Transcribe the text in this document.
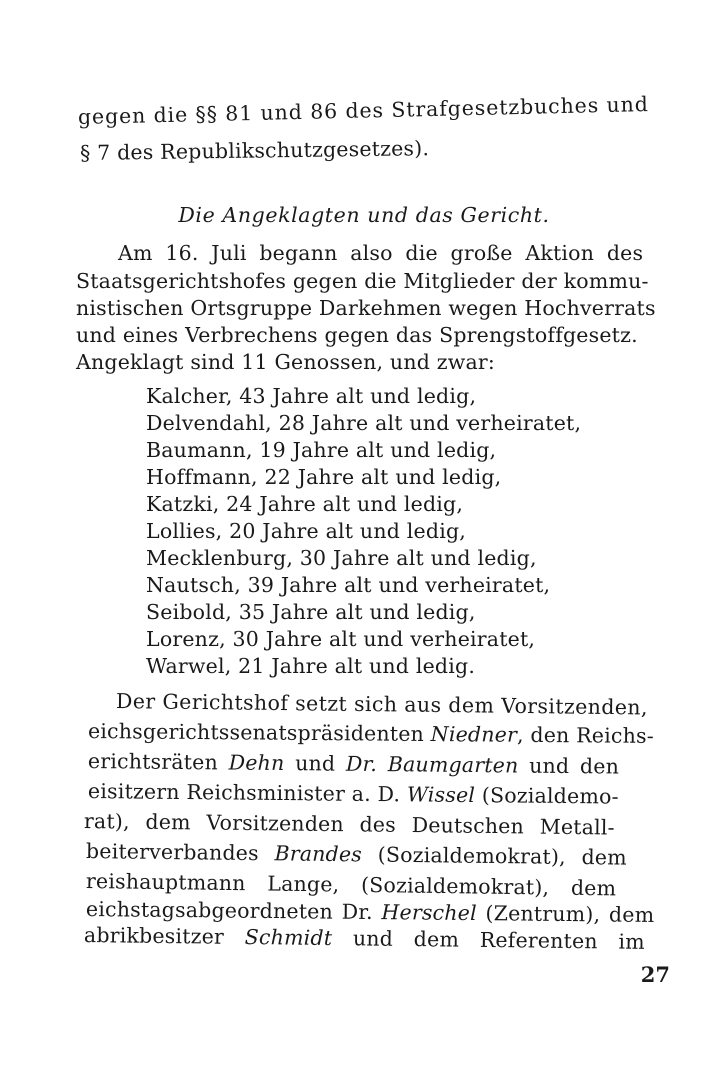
gegen die §§ 81 und 86 des Strafgesetzbuches und
§ 7 des Republikschutzgesetzes).
Die Angeklagten und das Gericht.
Am 16. Juli begann also die große Aktion des
Staatsgerichtshofes gegen die Mitglieder der kommu-
nistischen Ortsgruppe Darkehmen wegen Hochverrats
und eines Verbrechens gegen das Sprengstoffgesetz.
Angeklagt sind 11 Genossen, und zwar:
Kalcher, 43 Jahre alt und ledig,
Delvendahl, 28 Jahre alt und verheiratet,
Baumann, 19 Jahre alt und ledig,
Hoffmann, 22 Jahre alt und ledig,
Katzki, 24 Jahre alt und ledig,
Lollies, 20 Jahre alt und ledig,
Mecklenburg, 30 Jahre alt und ledig,
Nautsch, 39 Jahre alt und verheiratet,
Seibold, 35 Jahre alt und ledig,
Lorenz, 30 Jahre alt und verheiratet,
Warwel, 21 Jahre alt und ledig.
Der Gerichtshof setzt sich aus dem Vorsitzenden,
eichsgerichtssenatspräsidenten Niedner, den Reichs-
erichtsräten Dehn und Dr. Baumgarten und den
eisitzern Reichsminister a. D. Wissel (Sozialdemo-
rat), dem Vorsitzenden des Deutschen Metall-
beiterverbandes Brandes (Sozialdemokrat), dem
reishauptmann Lange, (Sozialdemokrat), dem
eichstagsabgeordneten Dr. Herschel (Zentrum), dem
abrikbesitzer Schmidt und dem Referenten im
27
